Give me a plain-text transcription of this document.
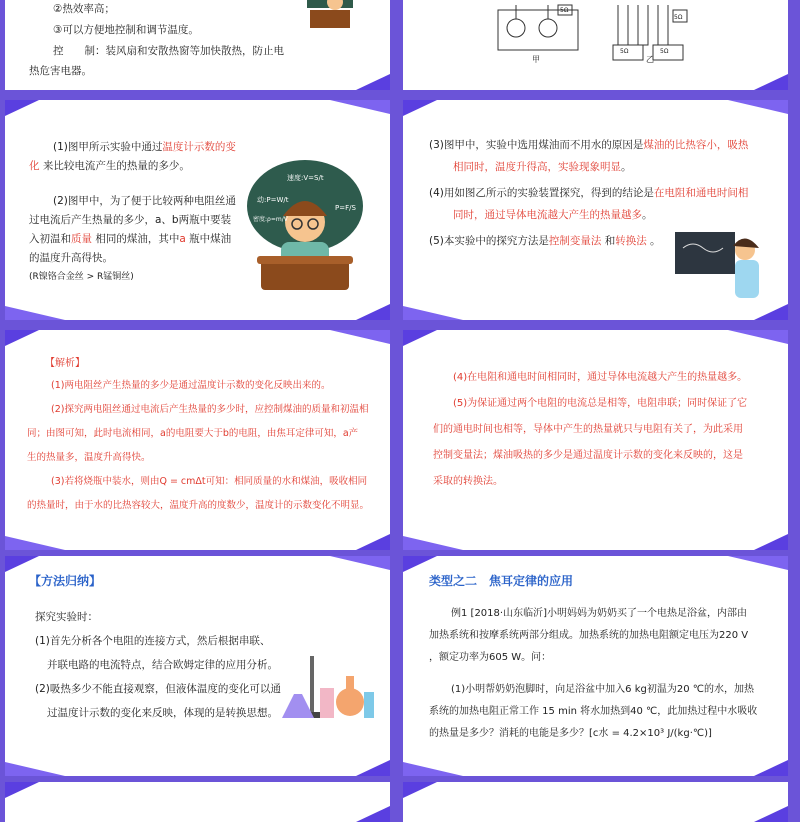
②热效率高；
③可以方便地控制和调节温度。
控　　制：装风扇和安散热窗等加快散热，防止电
热危害电器。
甲	乙
5Ω	5Ω
5Ω
5Ω
(1)图甲所示实验中通过温度计示数的变
化 来比较电流产生的热量的多少。
(2)图甲中，为了便于比较两种电阻丝通
过电流后产生热量的多少，a、b两瓶中要装
入初温和质量 相同的煤油，其中a 瓶中煤油
的温度升高得快。
(R镍铬合金丝 > R锰铜丝)
速度:V=S/t
动:P=W/t
密度:ρ=m/V
P=F/S
(3)图甲中，实验中选用煤油而不用水的原因是煤油的比热容小，吸热
相同时，温度升得高，实验现象明显。
(4)用如图乙所示的实验装置探究，得到的结论是在电阻和通电时间相
同时，通过导体电流越大产生的热量越多。
(5)本实验中的探究方法是控制变量法 和转换法 。
【解析】
(1)两电阻丝产生热量的多少是通过温度计示数的变化反映出来的。
(2)探究两电阻丝通过电流后产生热量的多少时，应控制煤油的质量和初温相
同；由图可知，此时电流相同，a的电阻要大于b的电阻，由焦耳定律可知，a产
生的热量多，温度升高得快。
(3)若将烧瓶中装水，则由Q = cmΔt可知：相同质量的水和煤油，吸收相同
的热量时，由于水的比热容较大，温度升高的度数少，温度计的示数变化不明显。
(4)在电阻和通电时间相同时，通过导体电流越大产生的热量越多。
(5)为保证通过两个电阻的电流总是相等，电阻串联；同时保证了它
们的通电时间也相等，导体中产生的热量就只与电阻有关了，为此采用
控制变量法；煤油吸热的多少是通过温度计示数的变化来反映的，这是
采取的转换法。
【方法归纳】
探究实验时：
(1)首先分析各个电阻的连接方式，然后根据串联、
并联电路的电流特点，结合欧姆定律的应用分析。
(2)吸热多少不能直接观察，但液体温度的变化可以通
过温度计示数的变化来反映，体现的是转换思想。
类型之二　焦耳定律的应用
例1 [2018·山东临沂]小明妈妈为奶奶买了一个电热足浴盆，内部由
加热系统和按摩系统两部分组成。加热系统的加热电阻额定电压为220 V
，额定功率为605 W。问：
(1)小明帮奶奶泡脚时，向足浴盆中加入6 kg初温为20 ℃的水，加热
系统的加热电阻正常工作 15 min 将水加热到40 ℃，此加热过程中水吸收
的热量是多少？消耗的电能是多少？[c水 = 4.2×10³ J/(kg·℃)]
